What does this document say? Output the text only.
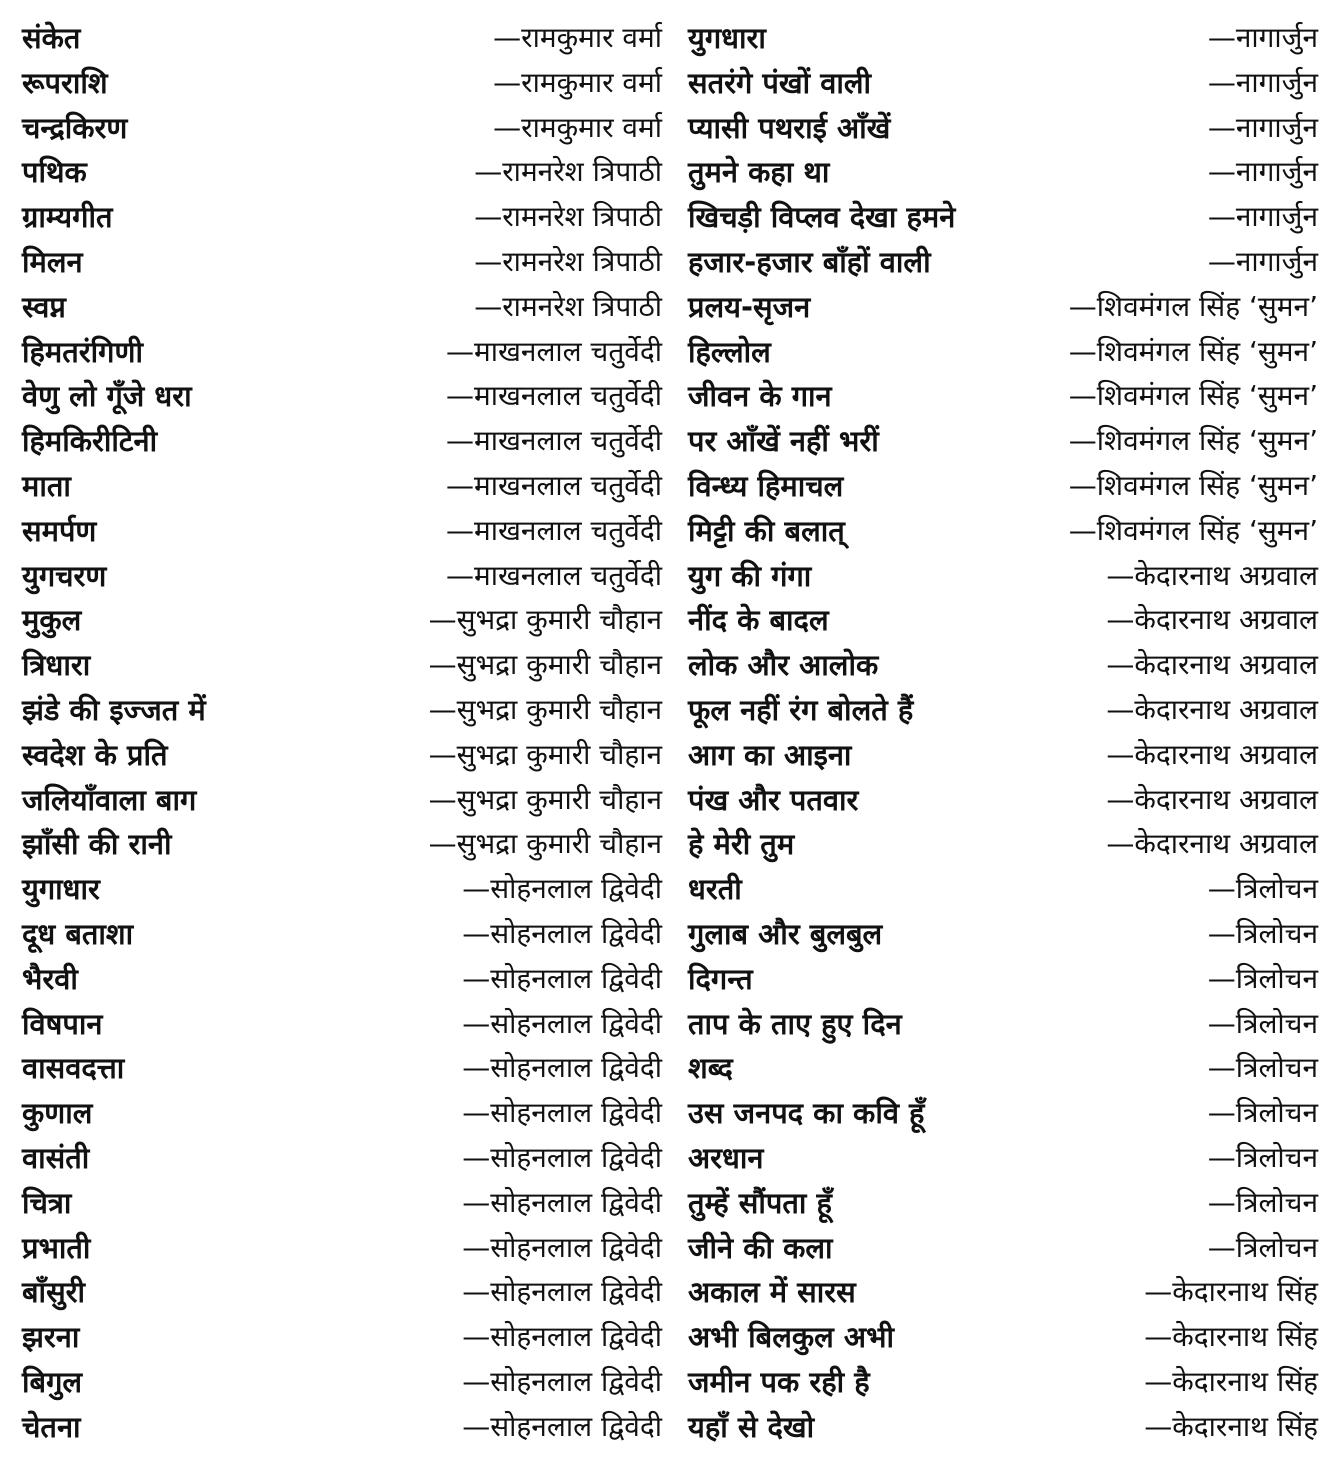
संकेत	—रामकुमार वर्मा
रूपराशि	—रामकुमार वर्मा
चन्द्रकिरण	—रामकुमार वर्मा
पथिक	—रामनरेश त्रिपाठी
ग्राम्यगीत	—रामनरेश त्रिपाठी
मिलन	—रामनरेश त्रिपाठी
स्वप्न	—रामनरेश त्रिपाठी
हिमतरंगिणी	—माखनलाल चतुर्वेदी
वेणु लो गूँजे धरा	—माखनलाल चतुर्वेदी
हिमकिरीटिनी	—माखनलाल चतुर्वेदी
माता	—माखनलाल चतुर्वेदी
समर्पण	—माखनलाल चतुर्वेदी
युगचरण	—माखनलाल चतुर्वेदी
मुकुल	—सुभद्रा कुमारी चौहान
त्रिधारा	—सुभद्रा कुमारी चौहान
झंडे की इज्जत में	—सुभद्रा कुमारी चौहान
स्वदेश के प्रति	—सुभद्रा कुमारी चौहान
जलियाँवाला बाग	—सुभद्रा कुमारी चौहान
झाँसी की रानी	—सुभद्रा कुमारी चौहान
युगाधार	—सोहनलाल द्विवेदी
दूध बताशा	—सोहनलाल द्विवेदी
भैरवी	—सोहनलाल द्विवेदी
विषपान	—सोहनलाल द्विवेदी
वासवदत्ता	—सोहनलाल द्विवेदी
कुणाल	—सोहनलाल द्विवेदी
वासंती	—सोहनलाल द्विवेदी
चित्रा	—सोहनलाल द्विवेदी
प्रभाती	—सोहनलाल द्विवेदी
बाँसुरी	—सोहनलाल द्विवेदी
झरना	—सोहनलाल द्विवेदी
बिगुल	—सोहनलाल द्विवेदी
चेतना	—सोहनलाल द्विवेदी
युगधारा	—नागार्जुन
सतरंगे पंखों वाली	—नागार्जुन
प्यासी पथराई आँखें	—नागार्जुन
तुमने कहा था	—नागार्जुन
खिचड़ी विप्लव देखा हमने	—नागार्जुन
हजार-हजार बाँहों वाली	—नागार्जुन
प्रलय-सृजन	—शिवमंगल सिंह ‘सुमन’
हिल्लोल	—शिवमंगल सिंह ‘सुमन’
जीवन के गान	—शिवमंगल सिंह ‘सुमन’
पर आँखें नहीं भरीं	—शिवमंगल सिंह ‘सुमन’
विन्ध्य हिमाचल	—शिवमंगल सिंह ‘सुमन’
मिट्टी की बलात्	—शिवमंगल सिंह ‘सुमन’
युग की गंगा	—केदारनाथ अग्रवाल
नींद के बादल	—केदारनाथ अग्रवाल
लोक और आलोक	—केदारनाथ अग्रवाल
फूल नहीं रंग बोलते हैं	—केदारनाथ अग्रवाल
आग का आइना	—केदारनाथ अग्रवाल
पंख और पतवार	—केदारनाथ अग्रवाल
हे मेरी तुम	—केदारनाथ अग्रवाल
धरती	—त्रिलोचन
गुलाब और बुलबुल	—त्रिलोचन
दिगन्त	—त्रिलोचन
ताप के ताए हुए दिन	—त्रिलोचन
शब्द	—त्रिलोचन
उस जनपद का कवि हूँ	—त्रिलोचन
अरधान	—त्रिलोचन
तुम्हें सौंपता हूँ	—त्रिलोचन
जीने की कला	—त्रिलोचन
अकाल में सारस	—केदारनाथ सिंह
अभी बिलकुल अभी	—केदारनाथ सिंह
जमीन पक रही है	—केदारनाथ सिंह
यहाँ से देखो	—केदारनाथ सिंह
